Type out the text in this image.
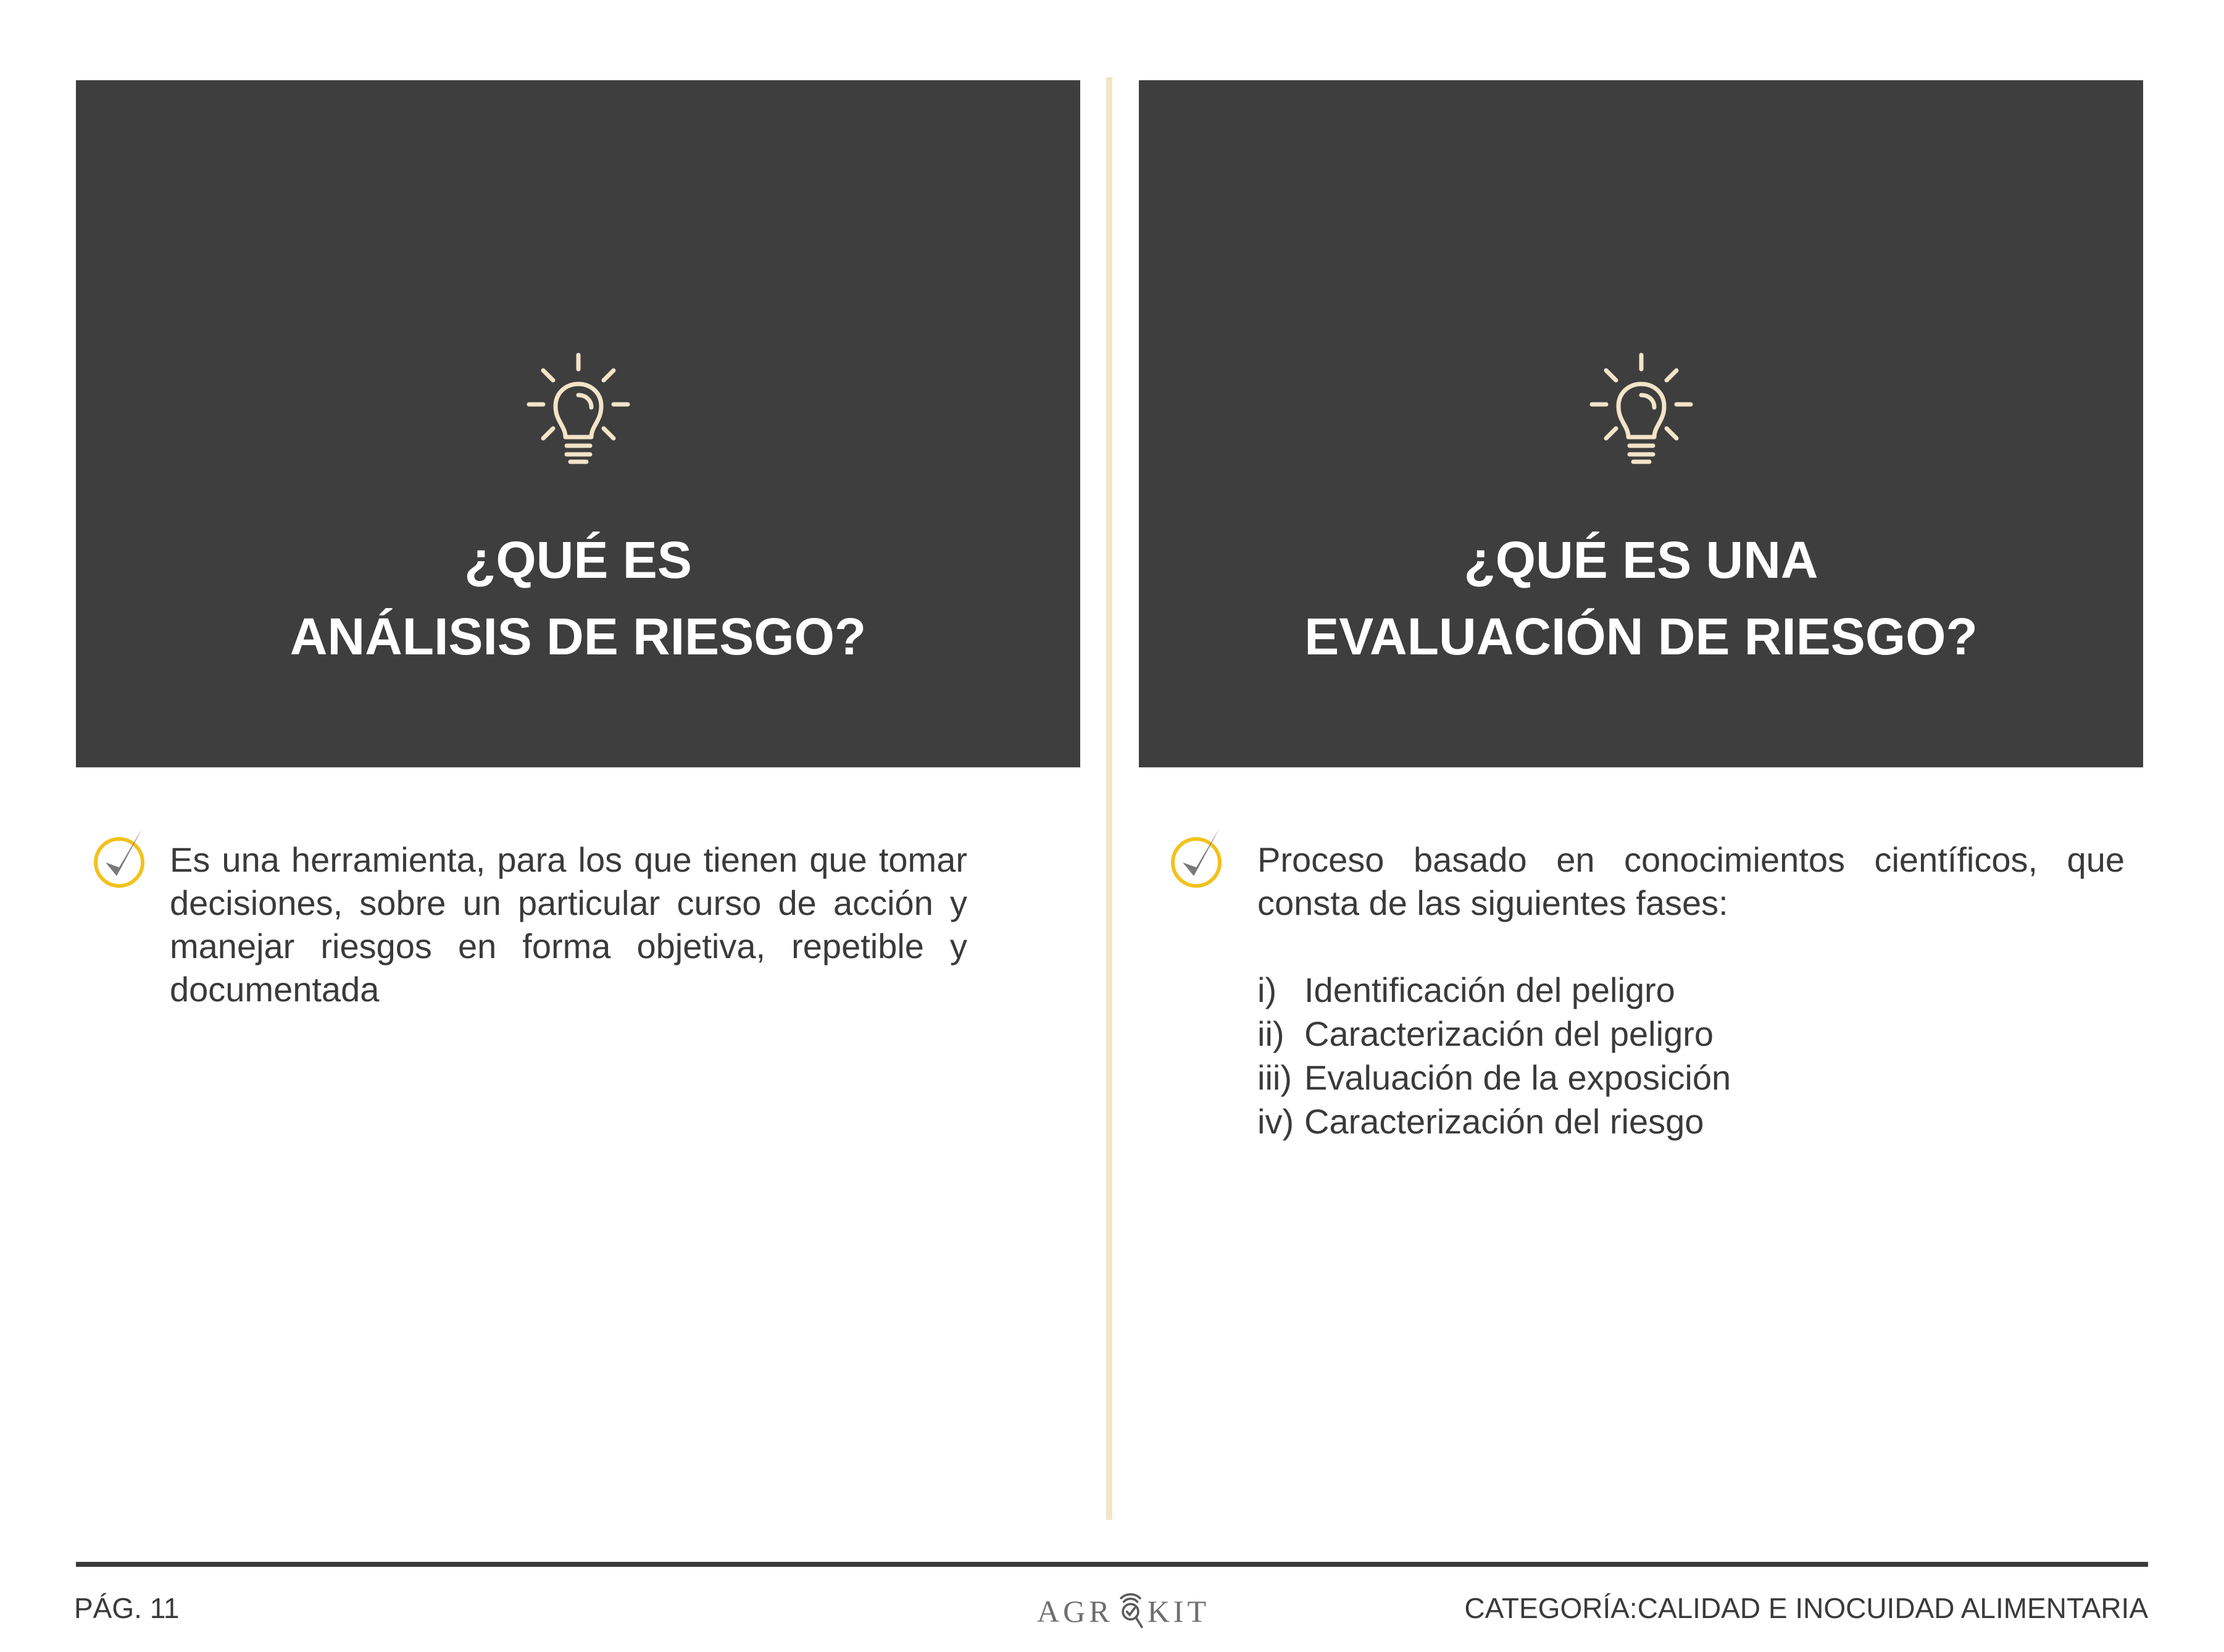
¿QUÉ ES
ANÁLISIS DE RIESGO?
¿QUÉ ES UNA
EVALUACIÓN DE RIESGO?
Es una herramienta, para los que tienen que tomar decisiones, sobre un particular curso de acción y manejar riesgos en forma objetiva, repetible y documentada
Proceso basado en conocimientos científicos, que consta de las siguientes fases:
i) Identificación del peligro
ii) Caracterización del peligro
iii) Evaluación de la exposición
iv) Caracterización del riesgo
PÁG. 11	AGR KIT	CATEGORÍA:CALIDAD E INOCUIDAD ALIMENTARIA
